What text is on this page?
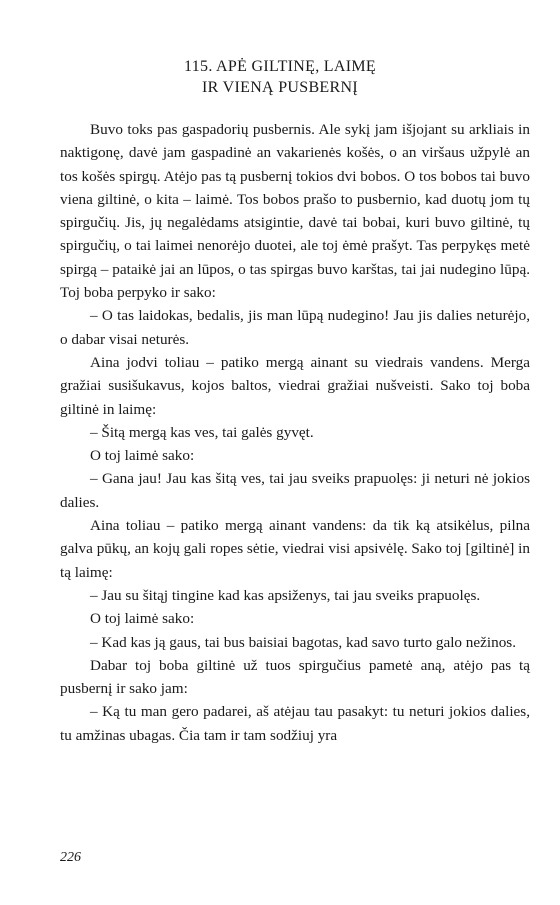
115. APĖ GILTINĘ, LAIMĘ
IR VIENĄ PUSBERNĮ

Buvo toks pas gaspadorių pusbernis. Ale sykį jam išjojant su arkliais in naktigonę, davė jam gaspadinė an vakarienės košės, o an viršaus užpylė an tos košės spirgų. Atėjo pas tą pusbernį tokios dvi bobos. O tos bobos tai buvo viena giltinė, o kita – laimė. Tos bobos prašo to pusbernio, kad duotų jom tų spirgučių. Jis, jų negalėdams atsigintie, davė tai bobai, kuri buvo giltinė, tų spirgučių, o tai laimei nenorėjo duotei, ale toj ėmė prašyt. Tas perpykęs metė spirgą – pataikė jai an lūpos, o tas spirgas buvo karštas, tai jai nudegino lūpą. Toj boba perpyko ir sako:

– O tas laidokas, bedalis, jis man lūpą nudegino! Jau jis dalies neturėjo, o dabar visai neturės.

Aina jodvi toliau – patiko mergą ainant su viedrais vandens. Merga gražiai susišukavus, kojos baltos, viedrai gražiai nušveisti. Sako toj boba giltinė in laimę:

– Šitą mergą kas ves, tai galės gyvęt.

O toj laimė sako:

– Gana jau! Jau kas šitą ves, tai jau sveiks prapuolęs: ji neturi nė jokios dalies.

Aina toliau – patiko mergą ainant vandens: da tik ką atsikėlus, pilna galva pūkų, an kojų gali ropes sėtie, viedrai visi apsivėlę. Sako toj [giltinė] in tą laimę:

– Jau su šitąj tingine kad kas apsiženys, tai jau sveiks prapuolęs.

O toj laimė sako:

– Kad kas ją gaus, tai bus baisiai bagotas, kad savo turto galo nežinos.

Dabar toj boba giltinė už tuos spirgučius pametė aną, atėjo pas tą pusbernį ir sako jam:

– Ką tu man gero padarei, aš atėjau tau pasakyt: tu neturi jokios dalies, tu amžinas ubagas. Čia tam ir tam sodžiuj yra

226
